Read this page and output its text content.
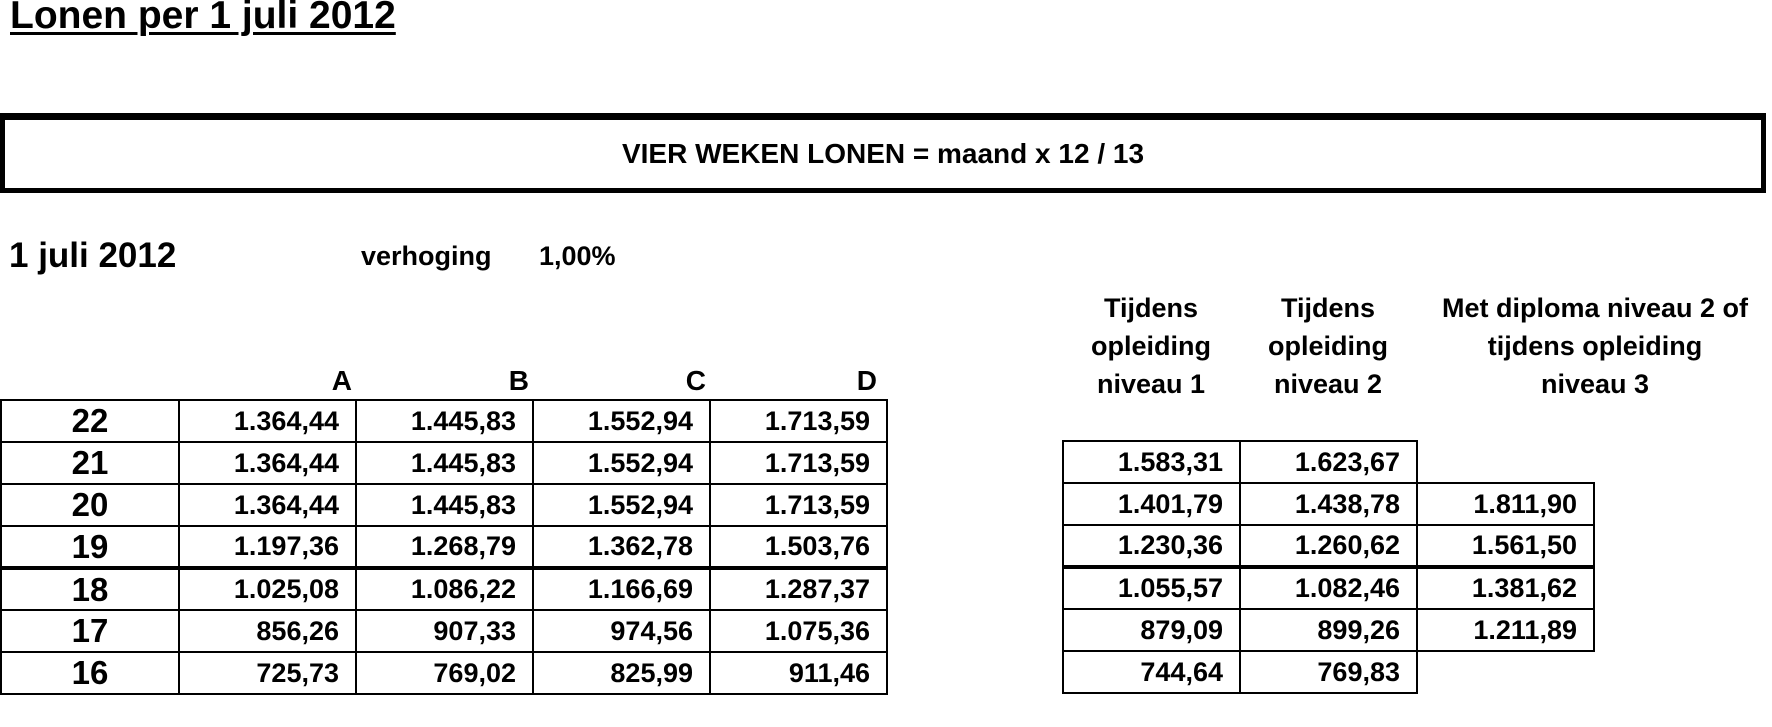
Lonen per 1 juli 2012
VIER WEKEN LONEN = maand x 12 / 13
1 juli 2012	verhoging 1,00%
A	B	C	D
Tijdens
opleiding
niveau 1
Tijdens
opleiding
niveau 2
Met diploma niveau 2 of
tijdens opleiding
niveau 3
22	1.364,44	1.445,83	1.552,94	1.713,59
21	1.364,44	1.445,83	1.552,94	1.713,59
20	1.364,44	1.445,83	1.552,94	1.713,59
19	1.197,36	1.268,79	1.362,78	1.503,76
18	1.025,08	1.086,22	1.166,69	1.287,37
17	856,26	907,33	974,56	1.075,36
16	725,73	769,02	825,99	911,46

1.583,31	1.623,67	
1.401,79	1.438,78	1.811,90
1.230,36	1.260,62	1.561,50
1.055,57	1.082,46	1.381,62
879,09	899,26	1.211,89
744,64	769,83	
